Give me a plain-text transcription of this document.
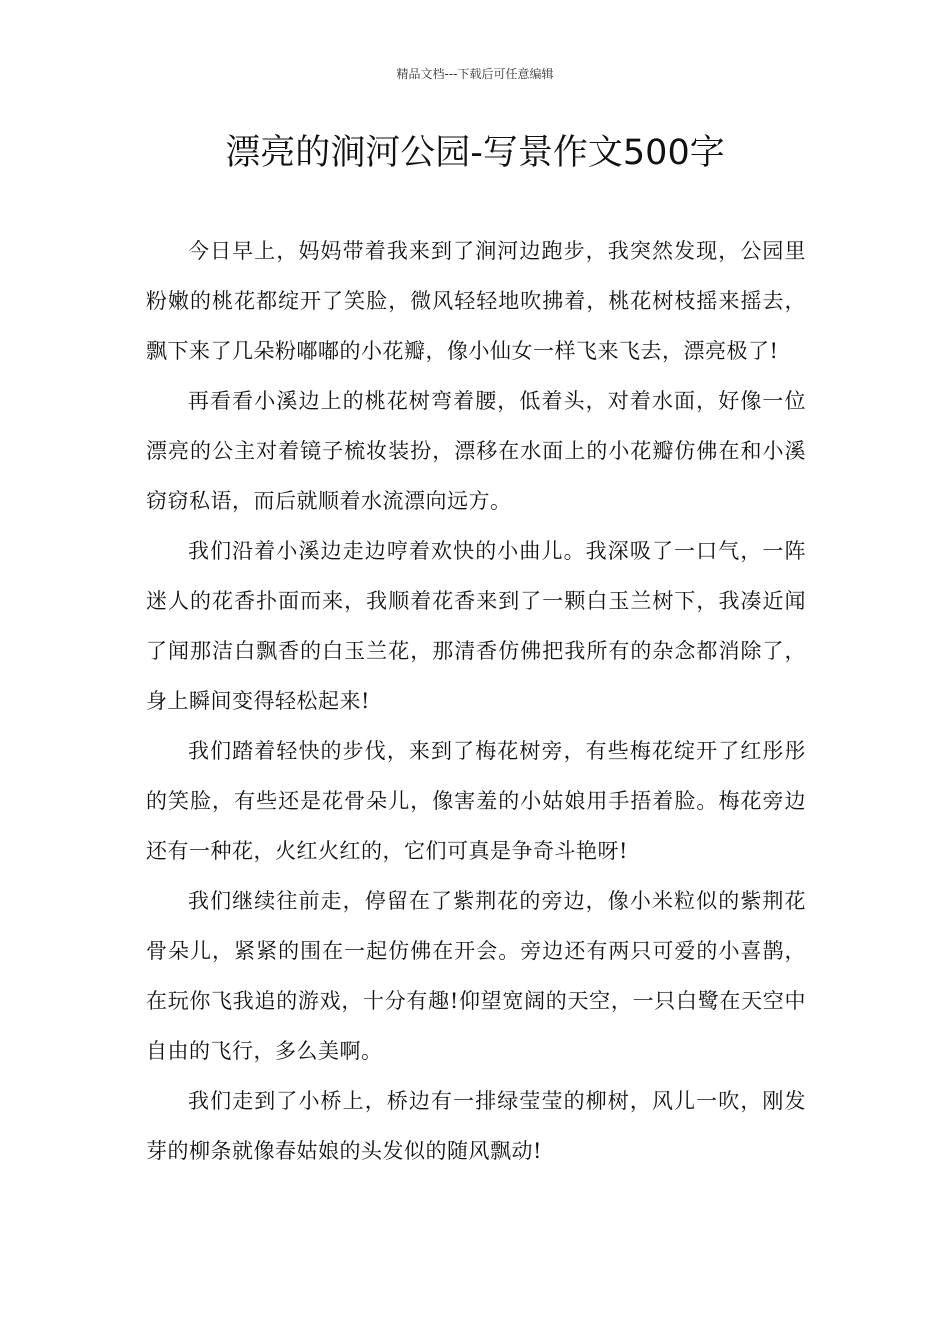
精品文档---下载后可任意编辑
漂亮的涧河公园-写景作文500字

今日早上，妈妈带着我来到了涧河边跑步，我突然发现，公园里粉嫩的桃花都绽开了笑脸，微风轻轻地吹拂着，桃花树枝摇来摇去，飘下来了几朵粉嘟嘟的小花瓣，像小仙女一样飞来飞去，漂亮极了!

再看看小溪边上的桃花树弯着腰，低着头，对着水面，好像一位漂亮的公主对着镜子梳妆装扮，漂移在水面上的小花瓣仿佛在和小溪窃窃私语，而后就顺着水流漂向远方。

我们沿着小溪边走边哼着欢快的小曲儿。我深吸了一口气，一阵迷人的花香扑面而来，我顺着花香来到了一颗白玉兰树下，我凑近闻了闻那洁白飘香的白玉兰花，那清香仿佛把我所有的杂念都消除了，身上瞬间变得轻松起来!

我们踏着轻快的步伐，来到了梅花树旁，有些梅花绽开了红彤彤的笑脸，有些还是花骨朵儿，像害羞的小姑娘用手捂着脸。梅花旁边还有一种花，火红火红的，它们可真是争奇斗艳呀!

我们继续往前走，停留在了紫荆花的旁边，像小米粒似的紫荆花骨朵儿，紧紧的围在一起仿佛在开会。旁边还有两只可爱的小喜鹊，在玩你飞我追的游戏，十分有趣!仰望宽阔的天空，一只白鹭在天空中自由的飞行，多么美啊。

我们走到了小桥上，桥边有一排绿莹莹的柳树，风儿一吹，刚发芽的柳条就像春姑娘的头发似的随风飘动!
